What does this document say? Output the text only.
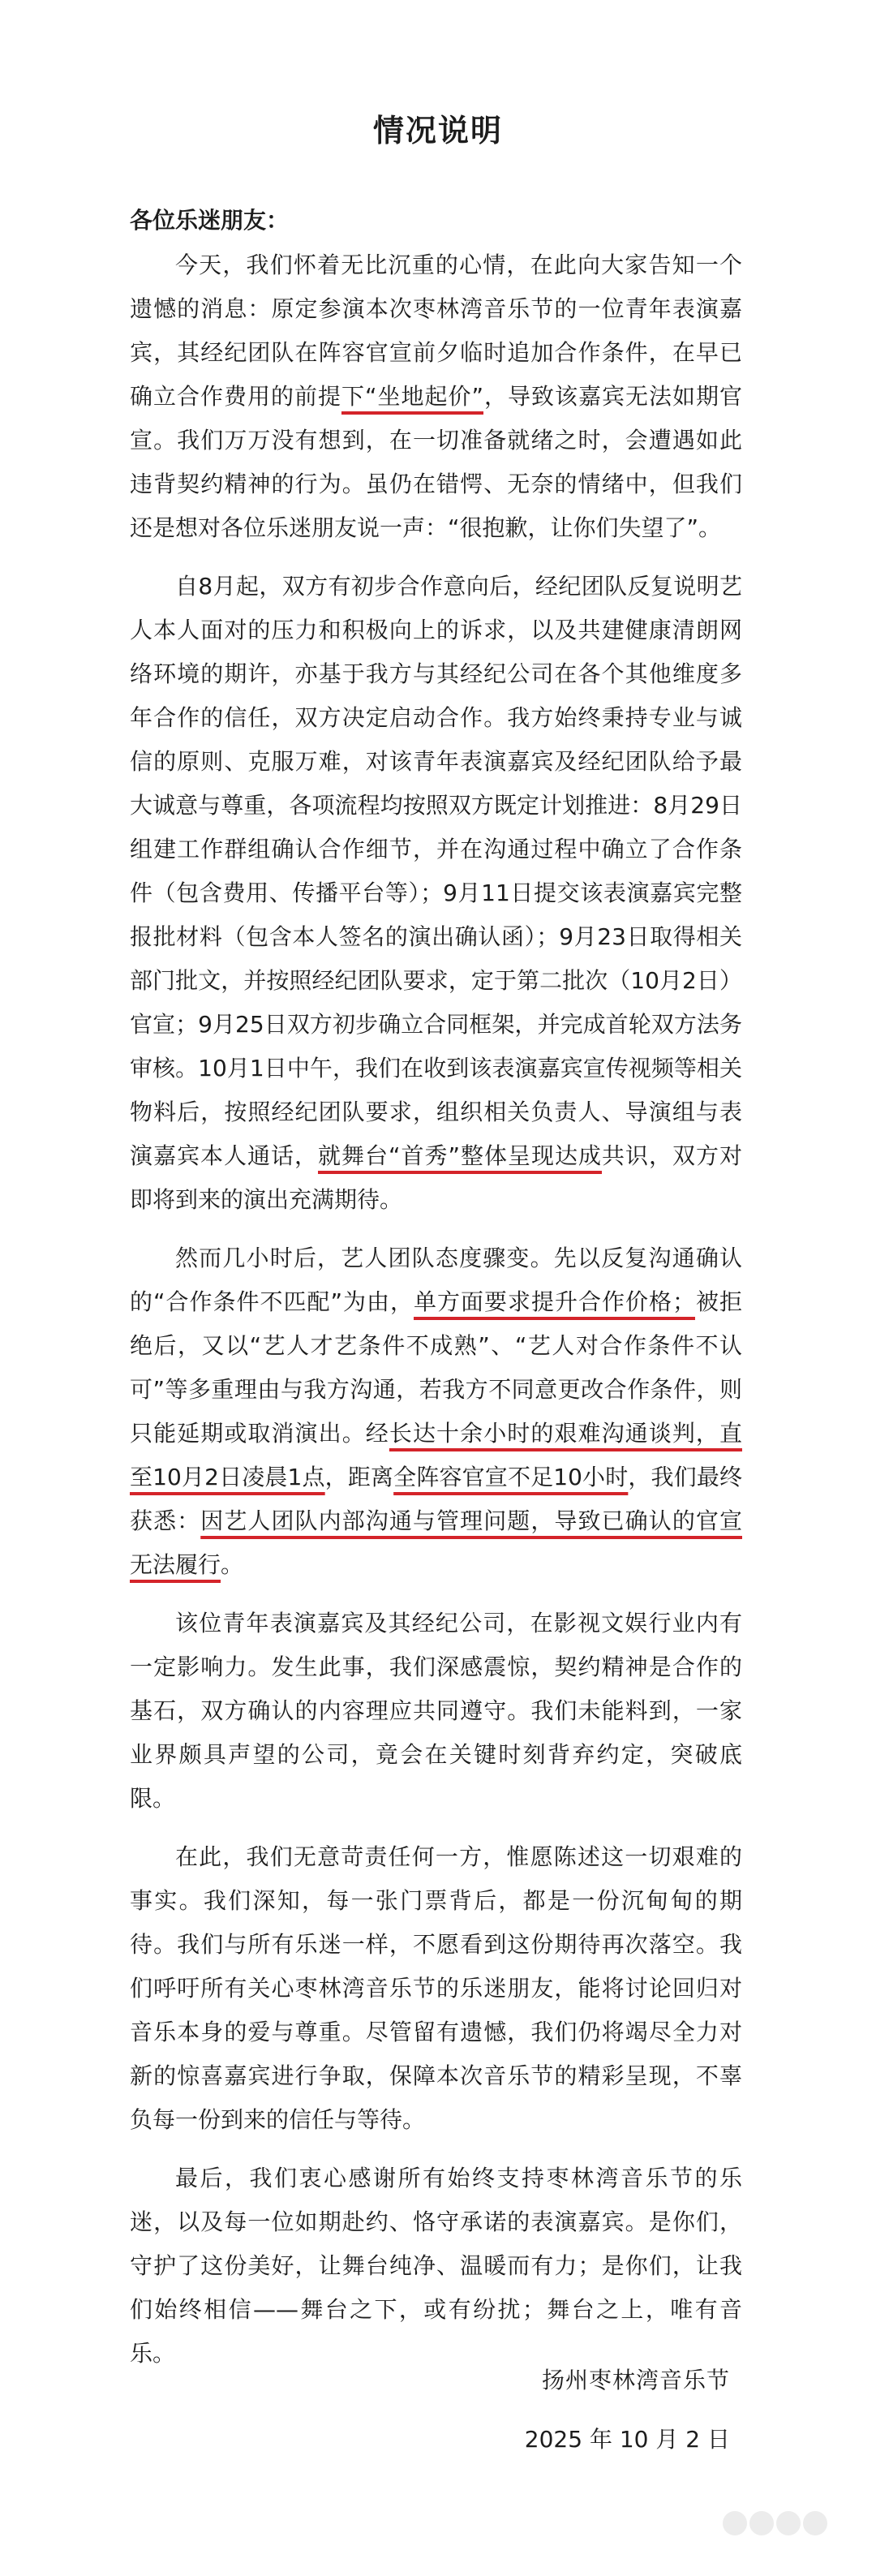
情况说明
各位乐迷朋友：

今天，我们怀着无比沉重的心情，在此向大家告知一个遗憾的消息：原定参演本次枣林湾音乐节的一位青年表演嘉宾，其经纪团队在阵容官宣前夕临时追加合作条件，在早已确立合作费用的前提下“坐地起价”，导致该嘉宾无法如期官宣。我们万万没有想到，在一切准备就绪之时，会遭遇如此违背契约精神的行为。虽仍在错愕、无奈的情绪中，但我们还是想对各位乐迷朋友说一声：“很抱歉，让你们失望了”。

自8月起，双方有初步合作意向后，经纪团队反复说明艺人本人面对的压力和积极向上的诉求，以及共建健康清朗网络环境的期许，亦基于我方与其经纪公司在各个其他维度多年合作的信任，双方决定启动合作。我方始终秉持专业与诚信的原则、克服万难，对该青年表演嘉宾及经纪团队给予最大诚意与尊重，各项流程均按照双方既定计划推进：8月29日组建工作群组确认合作细节，并在沟通过程中确立了合作条件（包含费用、传播平台等）；9月11日提交该表演嘉宾完整报批材料（包含本人签名的演出确认函）；9月23日取得相关部门批文，并按照经纪团队要求，定于第二批次（10月2日）官宣；9月25日双方初步确立合同框架，并完成首轮双方法务审核。10月1日中午，我们在收到该表演嘉宾宣传视频等相关物料后，按照经纪团队要求，组织相关负责人、导演组与表演嘉宾本人通话，就舞台“首秀”整体呈现达成共识，双方对即将到来的演出充满期待。

然而几小时后，艺人团队态度骤变。先以反复沟通确认的“合作条件不匹配”为由，单方面要求提升合作价格；被拒绝后，又以“艺人才艺条件不成熟”、“艺人对合作条件不认可”等多重理由与我方沟通，若我方不同意更改合作条件，则只能延期或取消演出。经长达十余小时的艰难沟通谈判，直至10月2日凌晨1点，距离全阵容官宣不足10小时，我们最终获悉：因艺人团队内部沟通与管理问题，导致已确认的官宣无法履行。

该位青年表演嘉宾及其经纪公司，在影视文娱行业内有一定影响力。发生此事，我们深感震惊，契约精神是合作的基石，双方确认的内容理应共同遵守。我们未能料到，一家业界颇具声望的公司，竟会在关键时刻背弃约定，突破底限。

在此，我们无意苛责任何一方，惟愿陈述这一切艰难的事实。我们深知，每一张门票背后，都是一份沉甸甸的期待。我们与所有乐迷一样，不愿看到这份期待再次落空。我们呼吁所有关心枣林湾音乐节的乐迷朋友，能将讨论回归对音乐本身的爱与尊重。尽管留有遗憾，我们仍将竭尽全力对新的惊喜嘉宾进行争取，保障本次音乐节的精彩呈现，不辜负每一份到来的信任与等待。

最后，我们衷心感谢所有始终支持枣林湾音乐节的乐迷，以及每一位如期赴约、恪守承诺的表演嘉宾。是你们，守护了这份美好，让舞台纯净、温暖而有力；是你们，让我们始终相信——舞台之下，或有纷扰；舞台之上，唯有音乐。

扬州枣林湾音乐节
2025 年 10 月 2 日
